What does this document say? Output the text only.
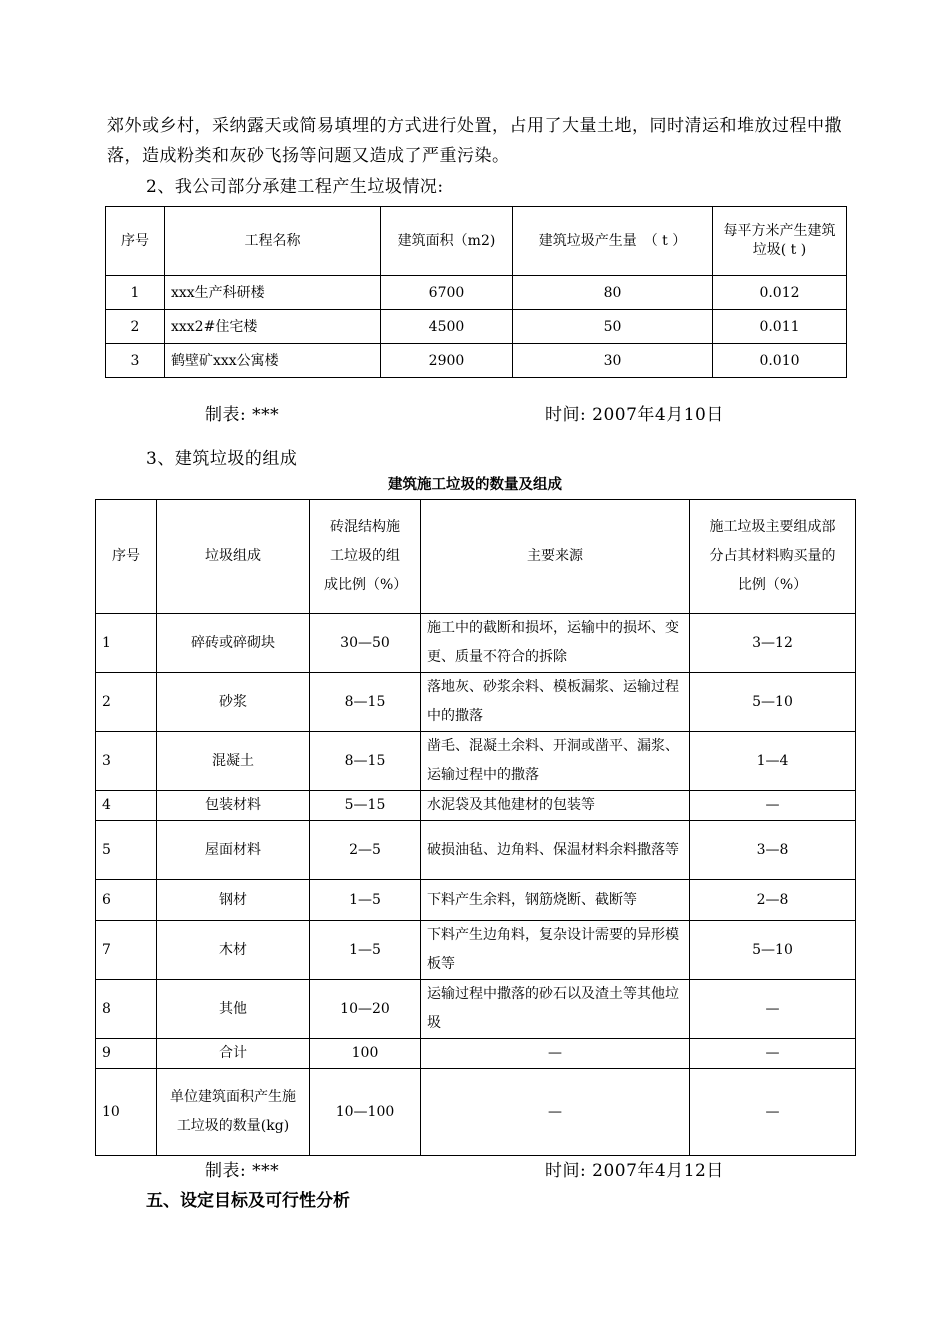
郊外或乡村，采纳露天或简易填埋的方式进行处置，占用了大量土地，同时清运和堆放过程中撒落，造成粉类和灰砂飞扬等问题又造成了严重污染。
2、我公司部分承建工程产生垃圾情况:
序号	工程名称	建筑面积（m2)	建筑垃圾产生量　（ t ）	每平方米产生建筑垃圾( t )
1	xxx生产科研楼	6700	80	0.012
2	xxx2#住宅楼	4500	50	0.011
3	鹤壁矿xxx公寓楼	2900	30	0.010
制表: ***	时间: 2007年4月10日
3、建筑垃圾的组成
建筑施工垃圾的数量及组成
序号	垃圾组成	砖混结构施工垃圾的组成比例（%）	主要来源	施工垃圾主要组成部分占其材料购买量的比例（%）
1	碎砖或碎砌块	30—50	施工中的截断和损坏，运输中的损坏、变更、质量不符合的拆除	3—12
2	砂浆	8—15	落地灰、砂浆余料、模板漏浆、运输过程中的撒落	5—10
3	混凝土	8—15	凿毛、混凝土余料、开洞或凿平、漏浆、运输过程中的撒落	1—4
4	包装材料	5—15	水泥袋及其他建材的包装等	—
5	屋面材料	2—5	破损油毡、边角料、保温材料余料撒落等	3—8
6	钢材	1—5	下料产生余料，钢筋烧断、截断等	2—8
7	木材	1—5	下料产生边角料，复杂设计需要的异形模板等	5—10
8	其他	10—20	运输过程中撒落的砂石以及渣土等其他垃圾	—
9	合计	100	—	—
10	单位建筑面积产生施工垃圾的数量(kg)	10—100	—	—
制表: ***	时间: 2007年4月12日
五、设定目标及可行性分析
